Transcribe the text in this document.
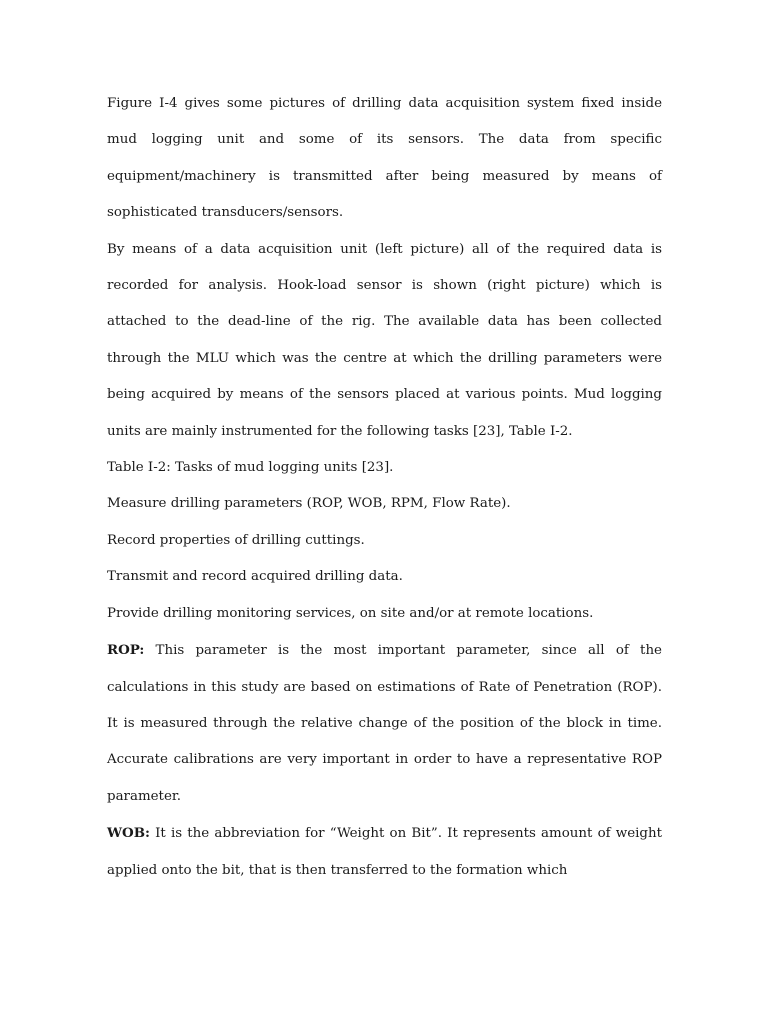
Figure I-4 gives some pictures of drilling data acquisition system fixed inside mud logging unit and some of its sensors. The data from specific equipment/machinery is transmitted after being measured by means of sophisticated transducers/sensors.

By means of a data acquisition unit (left picture) all of the required data is recorded for analysis. Hook-load sensor is shown (right picture) which is attached to the dead-line of the rig. The available data has been collected through the MLU which was the centre at which the drilling parameters were being acquired by means of the sensors placed at various points. Mud logging units are mainly instrumented for the following tasks [23], Table I-2.

Table I-2: Tasks of mud logging units [23].

Measure drilling parameters (ROP, WOB, RPM, Flow Rate).

Record properties of drilling cuttings.

Transmit and record acquired drilling data.

Provide drilling monitoring services, on site and/or at remote locations.

ROP: This parameter is the most important parameter, since all of the calculations in this study are based on estimations of Rate of Penetration (ROP). It is measured through the relative change of the position of the block in time. Accurate calibrations are very important in order to have a representative ROP parameter.

WOB: It is the abbreviation for “Weight on Bit”. It represents amount of weight applied onto the bit, that is then transferred to the formation which
